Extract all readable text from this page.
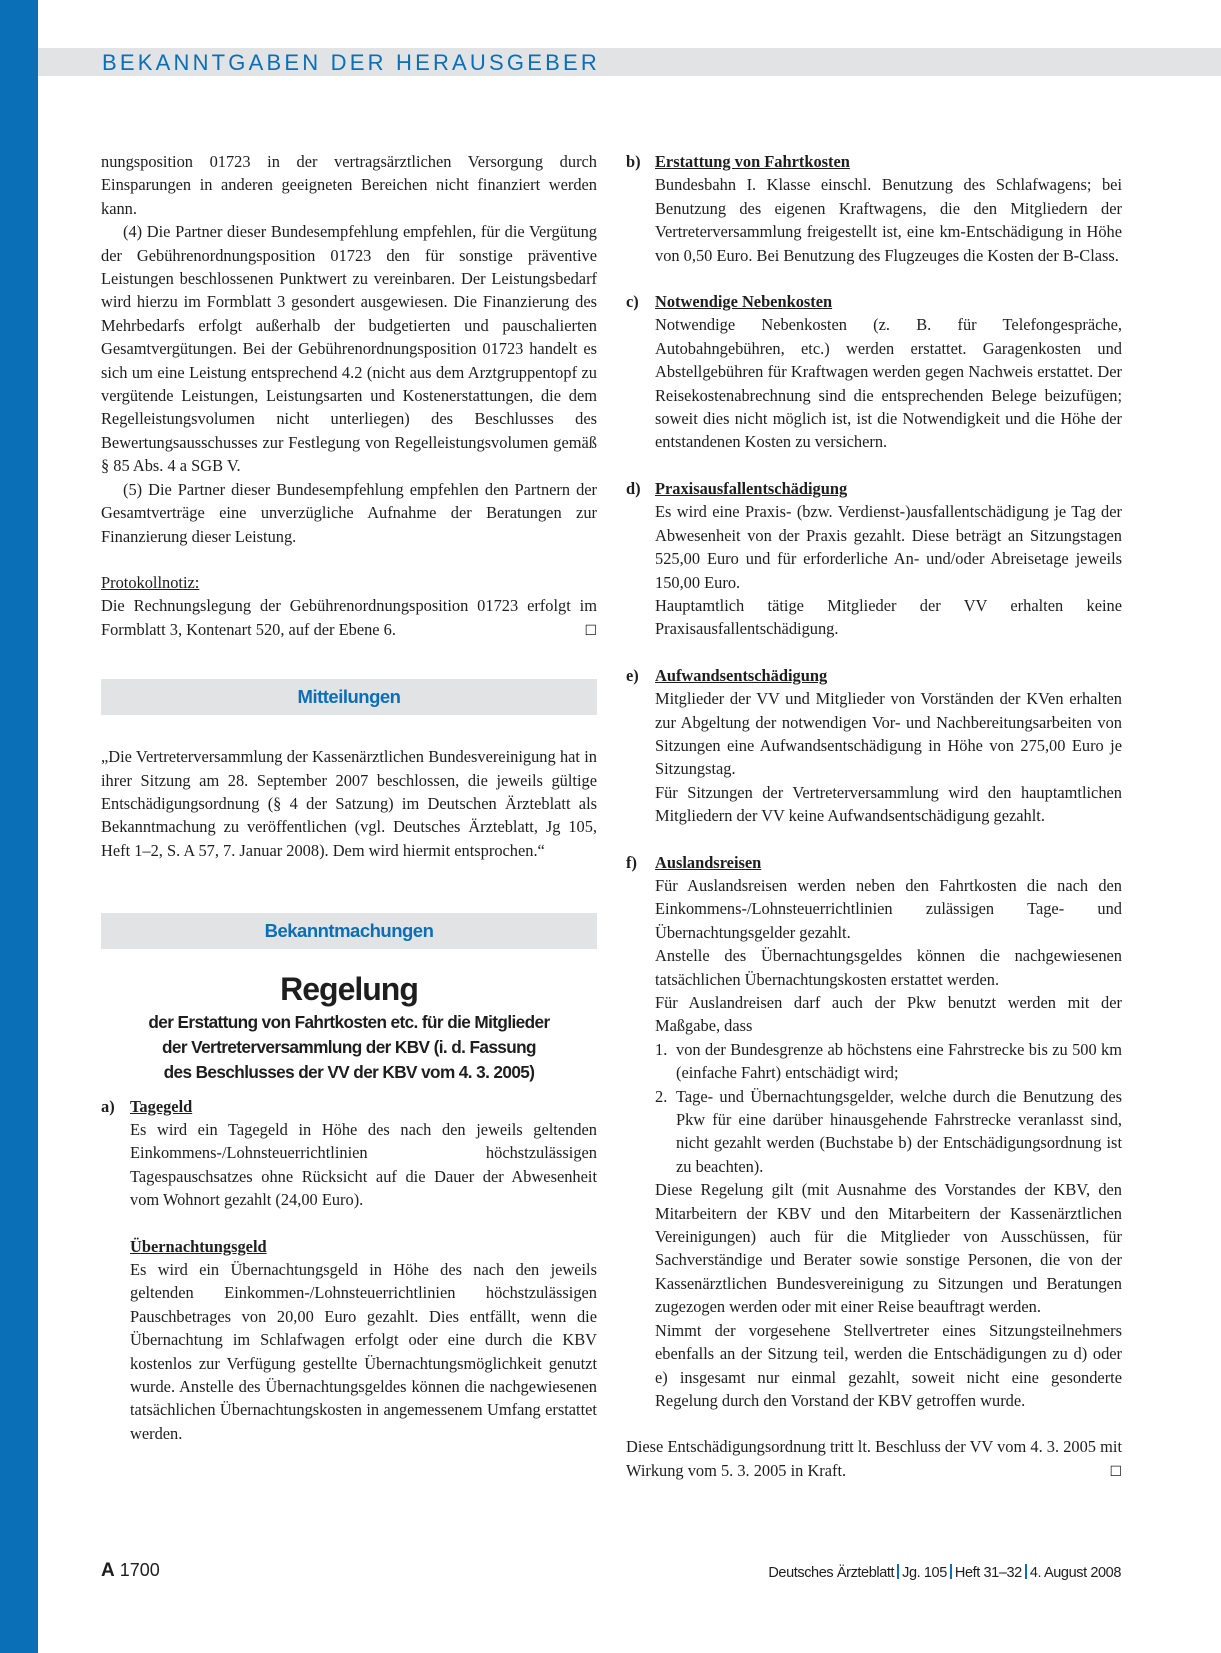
BEKANNTGABEN DER HERAUSGEBER

nungsposition 01723 in der vertragsärztlichen Versorgung durch Einsparungen in anderen geeigneten Bereichen nicht finanziert werden kann.

(4) Die Partner dieser Bundesempfehlung empfehlen, für die Vergütung der Gebührenordnungsposition 01723 den für sonstige präventive Leistungen beschlossenen Punktwert zu vereinbaren. Der Leistungsbedarf wird hierzu im Formblatt 3 gesondert ausgewiesen. Die Finanzierung des Mehrbedarfs erfolgt außerhalb der budgetierten und pauschalierten Gesamtvergütungen. Bei der Gebührenordnungsposition 01723 handelt es sich um eine Leistung entsprechend 4.2 (nicht aus dem Arztgruppentopf zu vergütende Leistungen, Leistungsarten und Kostenerstattungen, die dem Regelleistungsvolumen nicht unterliegen) des Beschlusses des Bewertungsausschusses zur Festlegung von Regelleistungsvolumen gemäß § 85 Abs. 4 a SGB V.

(5) Die Partner dieser Bundesempfehlung empfehlen den Partnern der Gesamtverträge eine unverzügliche Aufnahme der Beratungen zur Finanzierung dieser Leistung.

Protokollnotiz:

Die Rechnungslegung der Gebührenordnungsposition 01723 erfolgt im Formblatt 3, Kontenart 520, auf der Ebene 6.	☐

Mitteilungen

„Die Vertreterversammlung der Kassenärztlichen Bundesvereinigung hat in ihrer Sitzung am 28. September 2007 beschlossen, die jeweils gültige Entschädigungsordnung (§ 4 der Satzung) im Deutschen Ärzteblatt als Bekanntmachung zu veröffentlichen (vgl. Deutsches Ärzteblatt, Jg 105, Heft 1–2, S. A 57, 7. Januar 2008). Dem wird hiermit entsprochen.“

Bekanntmachungen

Regelung

der Erstattung von Fahrtkosten etc. für die Mitglieder
der Vertreterversammlung der KBV (i. d. Fassung
des Beschlusses der VV der KBV vom 4. 3. 2005)
a) Tagegeld

Es wird ein Tagegeld in Höhe des nach den jeweils geltenden Einkommens-/Lohnsteuerrichtlinien höchstzulässigen Tagespauschsatzes ohne Rücksicht auf die Dauer der Abwesenheit vom Wohnort gezahlt (24,00 Euro).

Übernachtungsgeld

Es wird ein Übernachtungsgeld in Höhe des nach den jeweils geltenden Einkommen-/Lohnsteuerrichtlinien höchstzulässigen Pauschbetrages von 20,00 Euro gezahlt. Dies entfällt, wenn die Übernachtung im Schlafwagen erfolgt oder eine durch die KBV kostenlos zur Verfügung gestellte Übernachtungsmöglichkeit genutzt wurde. Anstelle des Übernachtungsgeldes können die nachgewiesenen tatsächlichen Übernachtungskosten in angemessenem Umfang erstattet werden.

b) Erstattung von Fahrtkosten

Bundesbahn I. Klasse einschl. Benutzung des Schlafwagens; bei Benutzung des eigenen Kraftwagens, die den Mitgliedern der Vertreterversammlung freigestellt ist, eine km-Entschädigung in Höhe von 0,50 Euro. Bei Benutzung des Flugzeuges die Kosten der B-Class.

c) Notwendige Nebenkosten

Notwendige Nebenkosten (z. B. für Telefongespräche, Autobahngebühren, etc.) werden erstattet. Garagenkosten und Abstellgebühren für Kraftwagen werden gegen Nachweis erstattet. Der Reisekostenabrechnung sind die entsprechenden Belege beizufügen; soweit dies nicht möglich ist, ist die Notwendigkeit und die Höhe der entstandenen Kosten zu versichern.

d) Praxisausfallentschädigung

Es wird eine Praxis- (bzw. Verdienst-)ausfallentschädigung je Tag der Abwesenheit von der Praxis gezahlt. Diese beträgt an Sitzungstagen 525,00 Euro und für erforderliche An- und/oder Abreisetage jeweils 150,00 Euro.

Hauptamtlich tätige Mitglieder der VV erhalten keine Praxisausfallentschädigung.

e) Aufwandsentschädigung

Mitglieder der VV und Mitglieder von Vorständen der KVen erhalten zur Abgeltung der notwendigen Vor- und Nachbereitungsarbeiten von Sitzungen eine Aufwandsentschädigung in Höhe von 275,00 Euro je Sitzungstag.

Für Sitzungen der Vertreterversammlung wird den hauptamtlichen Mitgliedern der VV keine Aufwandsentschädigung gezahlt.

f)	Auslandsreisen

Für Auslandsreisen werden neben den Fahrtkosten die nach den Einkommens-/Lohnsteuerrichtlinien zulässigen Tage- und Übernachtungsgelder gezahlt.

Anstelle des Übernachtungsgeldes können die nachgewiesenen tatsächlichen Übernachtungskosten erstattet werden.

Für Auslandreisen darf auch der Pkw benutzt werden mit der Maßgabe, dass

1. von der Bundesgrenze ab höchstens eine Fahrstrecke bis zu 500 km (einfache Fahrt) entschädigt wird;
2. Tage- und Übernachtungsgelder, welche durch die Benutzung des Pkw für eine darüber hinausgehende Fahrstrecke veranlasst sind, nicht gezahlt werden (Buchstabe b) der Entschädigungsordnung ist zu beachten).

Diese Regelung gilt (mit Ausnahme des Vorstandes der KBV, den Mitarbeitern der KBV und den Mitarbeitern der Kassenärztlichen Vereinigungen) auch für die Mitglieder von Ausschüssen, für Sachverständige und Berater sowie sonstige Personen, die von der Kassenärztlichen Bundesvereinigung zu Sitzungen und Beratungen zugezogen werden oder mit einer Reise beauftragt werden.

Nimmt der vorgesehene Stellvertreter eines Sitzungsteilnehmers ebenfalls an der Sitzung teil, werden die Entschädigungen zu d) oder e) insgesamt nur einmal gezahlt, soweit nicht eine gesonderte Regelung durch den Vorstand der KBV getroffen wurde.

Diese Entschädigungsordnung tritt lt. Beschluss der VV vom 4. 3. 2005 mit Wirkung vom 5. 3. 2005 in Kraft.	☐

A 1700	Deutsches Ärzteblatt Jg. 105 Heft 31–32 4. August 2008
